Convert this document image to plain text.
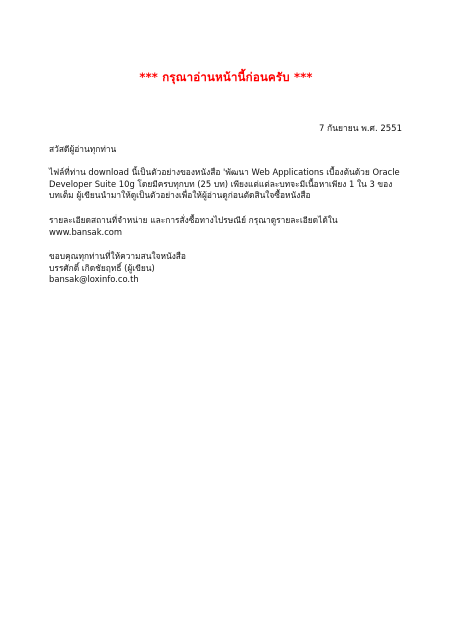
*** กรุณาอ่านหน้านี้ก่อนครับ ***
7 กันยายน พ.ศ. 2551
สวัสดีผู้อ่านทุกท่าน
ไฟล์ที่ท่าน download นี้เป็นตัวอย่างของหนังสือ 'พัฒนา Web Applications เบื้องต้นด้วย Oracle
Developer Suite 10g โดยมีครบทุกบท (25 บท) เพียงแต่แต่ละบทจะมีเนื้อหาเพียง 1 ใน 3 ของ
บทเต็ม ผู้เขียนนำมาให้ดูเป็นตัวอย่างเพื่อให้ผู้อ่านดูก่อนตัดสินใจซื้อหนังสือ
รายละเอียดสถานที่จำหน่าย และการสั่งซื้อทางไปรษณีย์ กรุณาดูรายละเอียดได้ใน
www.bansak.com
ขอบคุณทุกท่านที่ให้ความสนใจหนังสือ
บรรศักดิ์ เกิดชัยฤทธิ์ (ผู้เขียน)
bansak@loxinfo.co.th
